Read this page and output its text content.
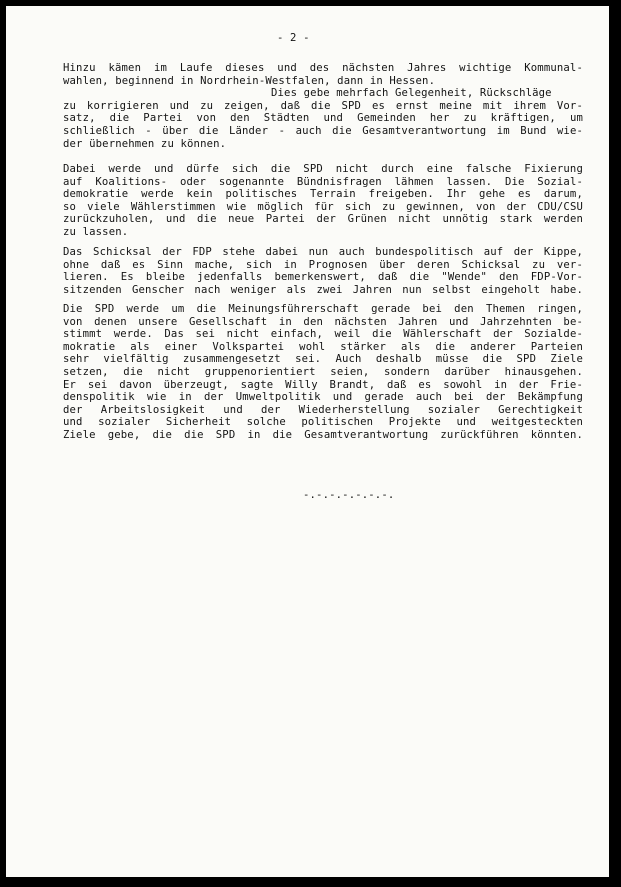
- 2 -
Hinzu kämen im Laufe dieses und des nächsten Jahres wichtige Kommunal-
wahlen, beginnend in Nordrhein-Westfalen, dann in Hessen.
Dies gebe mehrfach Gelegenheit, Rückschläge
zu korrigieren und zu zeigen, daß die SPD es ernst meine mit ihrem Vor-
satz, die Partei von den Städten und Gemeinden her zu kräftigen, um
schließlich - über die Länder - auch die Gesamtverantwortung im Bund wie-
der übernehmen zu können.
Dabei werde und dürfe sich die SPD nicht durch eine falsche Fixierung
auf Koalitions- oder sogenannte Bündnisfragen lähmen lassen. Die Sozial-
demokratie werde kein politisches Terrain freigeben. Ihr gehe es darum,
so viele Wählerstimmen wie möglich für sich zu gewinnen, von der CDU/CSU
zurückzuholen, und die neue Partei der Grünen nicht unnötig stark werden
zu lassen.
Das Schicksal der FDP stehe dabei nun auch bundespolitisch auf der Kippe,
ohne daß es Sinn mache, sich in Prognosen über deren Schicksal zu ver-
lieren. Es bleibe jedenfalls bemerkenswert, daß die "Wende" den FDP-Vor-
sitzenden Genscher nach weniger als zwei Jahren nun selbst eingeholt habe.
Die SPD werde um die Meinungsführerschaft gerade bei den Themen ringen,
von denen unsere Gesellschaft in den nächsten Jahren und Jahrzehnten be-
stimmt werde. Das sei nicht einfach, weil die Wählerschaft der Sozialde-
mokratie als einer Volkspartei wohl stärker als die anderer Parteien
sehr vielfältig zusammengesetzt sei. Auch deshalb müsse die SPD Ziele
setzen, die nicht gruppenorientiert seien, sondern darüber hinausgehen.
Er sei davon überzeugt, sagte Willy Brandt, daß es sowohl in der Frie-
denspolitik wie in der Umweltpolitik und gerade auch bei der Bekämpfung
der Arbeitslosigkeit und der Wiederherstellung sozialer Gerechtigkeit
und sozialer Sicherheit solche politischen Projekte und weitgesteckten
Ziele gebe, die die SPD in die Gesamtverantwortung zurückführen könnten.
-.-.-.-.-.-.-.
